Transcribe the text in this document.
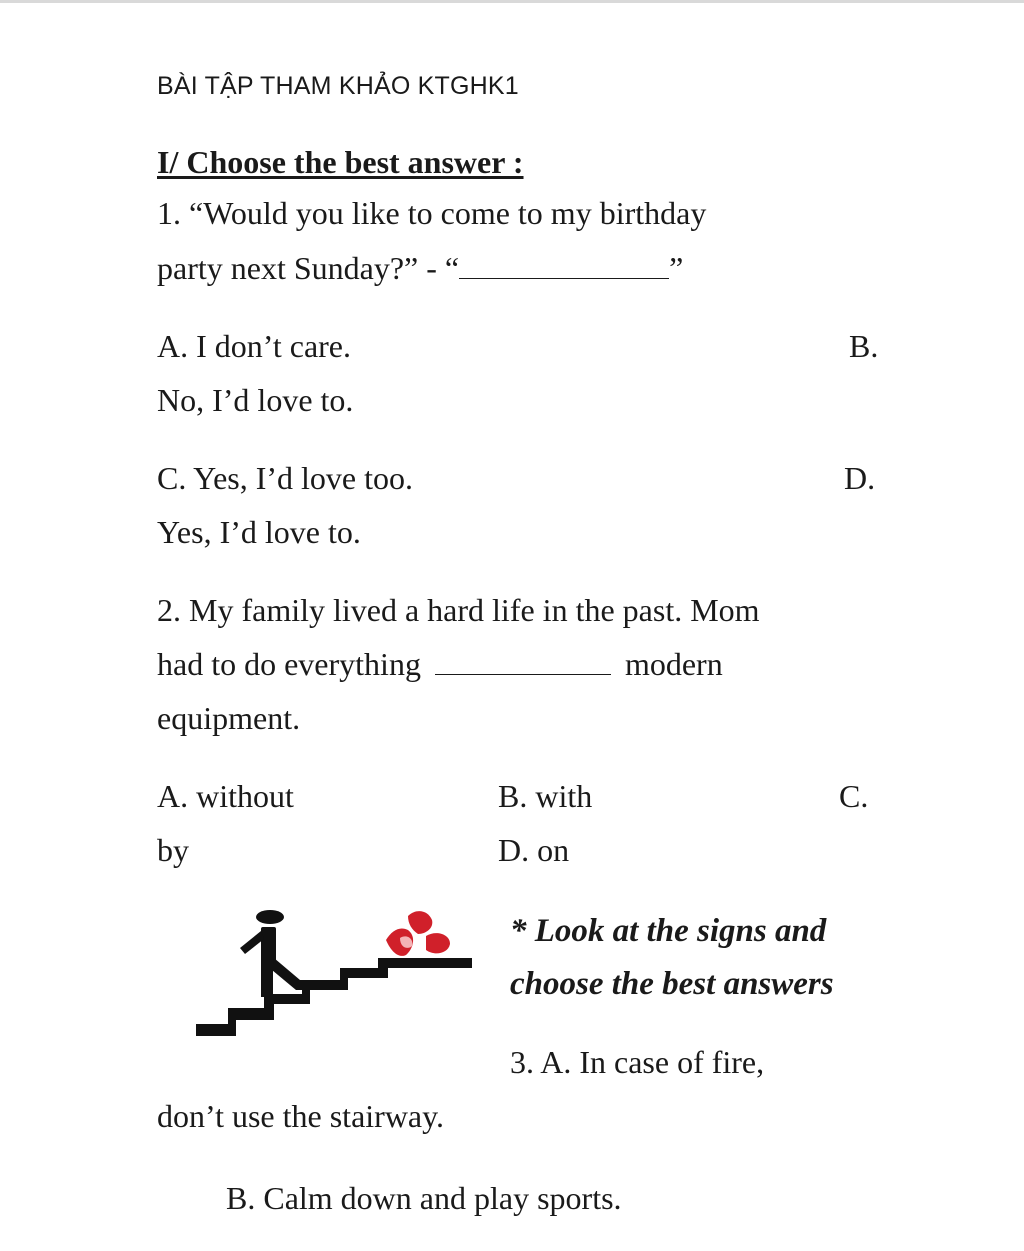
BÀI TẬP THAM KHẢO KTGHK1
I/ Choose the best answer :
1. “Would you like to come to my birthday
party next Sunday?” - “	”
A. I don’t care.	B.
No, I’d love to.
C. Yes, I’d love too.	D.
Yes, I’d love to.
2. My family lived a hard life in the past. Mom
had to do everything	modern
equipment.
A. without	B. with	C.
by	D. on
* Look at the signs and
choose the best answers
3. A. In case of fire,
don’t use the stairway.
B. Calm down and play sports.
